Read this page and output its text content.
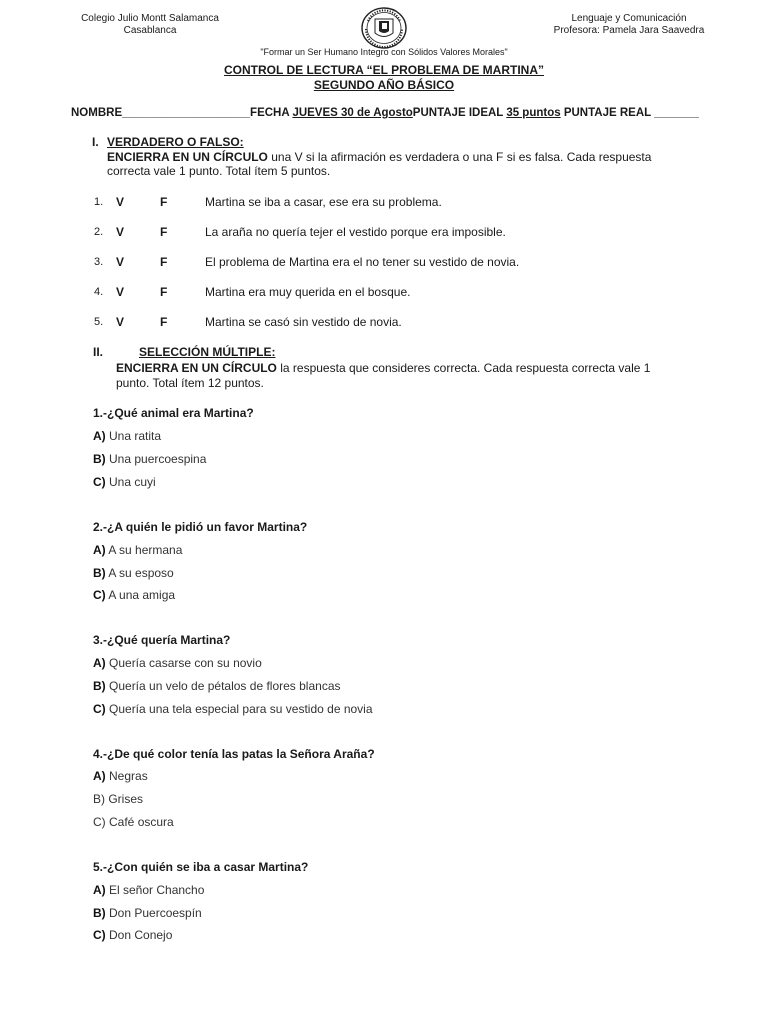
Colegio Julio Montt Salamanca
Casablanca
Lenguaje y Comunicación
Profesora: Pamela Jara Saavedra
"Formar un Ser Humano Integro con Sólidos Valores Morales"
CONTROL DE LECTURA “EL PROBLEMA DE MARTINA”
SEGUNDO AÑO BÁSICO
NOMBRE____________________FECHA JUEVES 30 de AgostoPUNTAJE IDEAL 35 puntos PUNTAJE REAL _______
I. VERDADERO O FALSO:
ENCIERRA EN UN CÍRCULO una V si la afirmación es verdadera o una F si es falsa. Cada respuesta
correcta vale 1 punto. Total ítem 5 puntos.
1. V	F	Martina se iba a casar, ese era su problema.
2. V	F	La araña no quería tejer el vestido porque era imposible.
3. V	F	El problema de Martina era el no tener su vestido de novia.
4. V	F	Martina era muy querida en el bosque.
5. V	F	Martina se casó sin vestido de novia.
II.	SELECCIÓN MÚLTIPLE:
ENCIERRA EN UN CÍRCULO la respuesta que consideres correcta. Cada respuesta correcta vale 1
punto. Total ítem 12 puntos.
1.-¿Qué animal era Martina?
A) Una ratita
B) Una puercoespina
C) Una cuyi
2.-¿A quién le pidió un favor Martina?
A) A su hermana
B) A su esposo
C) A una amiga
3.-¿Qué quería Martina?
A) Quería casarse con su novio
B) Quería un velo de pétalos de flores blancas
C) Quería una tela especial para su vestido de novia
4.-¿De qué color tenía las patas la Señora Araña?
A) Negras
B) Grises
C) Café oscura
5.-¿Con quién se iba a casar Martina?
A) El señor Chancho
B) Don Puercoespín
C) Don Conejo
